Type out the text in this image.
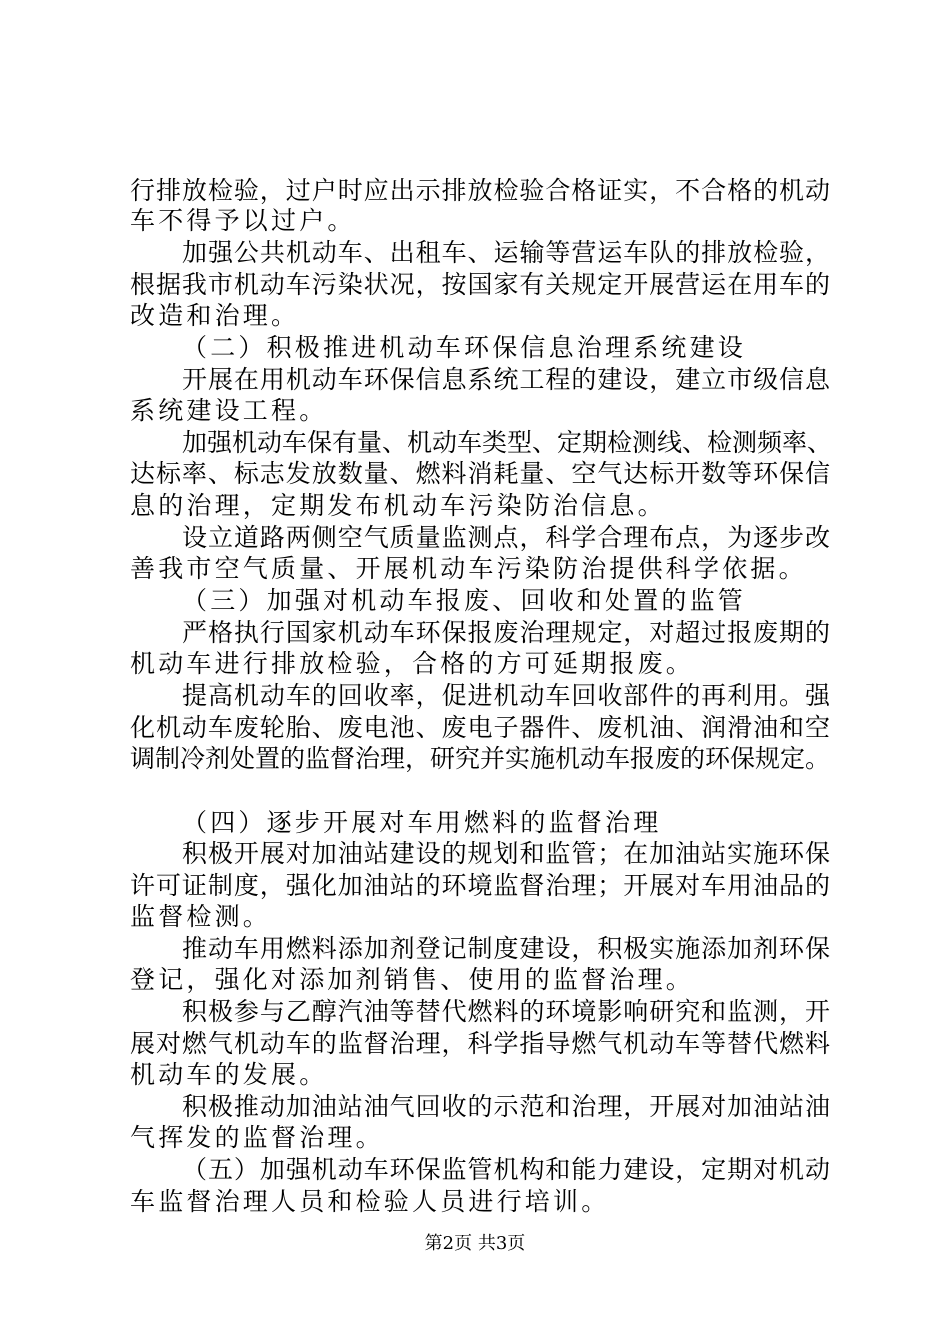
行排放检验，过户时应出示排放检验合格证实，不合格的机动
车不得予以过户。
加强公共机动车、出租车、运输等营运车队的排放检验，
根据我市机动车污染状况，按国家有关规定开展营运在用车的
改造和治理。
（二）积极推进机动车环保信息治理系统建设
开展在用机动车环保信息系统工程的建设，建立市级信息
系统建设工程。
加强机动车保有量、机动车类型、定期检测线、检测频率、
达标率、标志发放数量、燃料消耗量、空气达标开数等环保信
息的治理，定期发布机动车污染防治信息。
设立道路两侧空气质量监测点，科学合理布点，为逐步改
善我市空气质量、开展机动车污染防治提供科学依据。
（三）加强对机动车报废、回收和处置的监管
严格执行国家机动车环保报废治理规定，对超过报废期的
机动车进行排放检验，合格的方可延期报废。
提高机动车的回收率，促进机动车回收部件的再利用。强
化机动车废轮胎、废电池、废电子器件、废机油、润滑油和空
调制冷剂处置的监督治理，研究并实施机动车报废的环保规定。
（四）逐步开展对车用燃料的监督治理
积极开展对加油站建设的规划和监管；在加油站实施环保
许可证制度，强化加油站的环境监督治理；开展对车用油品的
监督检测。
推动车用燃料添加剂登记制度建设，积极实施添加剂环保
登记，强化对添加剂销售、使用的监督治理。
积极参与乙醇汽油等替代燃料的环境影响研究和监测，开
展对燃气机动车的监督治理，科学指导燃气机动车等替代燃料
机动车的发展。
积极推动加油站油气回收的示范和治理，开展对加油站油
气挥发的监督治理。
（五）加强机动车环保监管机构和能力建设，定期对机动
车监督治理人员和检验人员进行培训。
第2页 共3页
